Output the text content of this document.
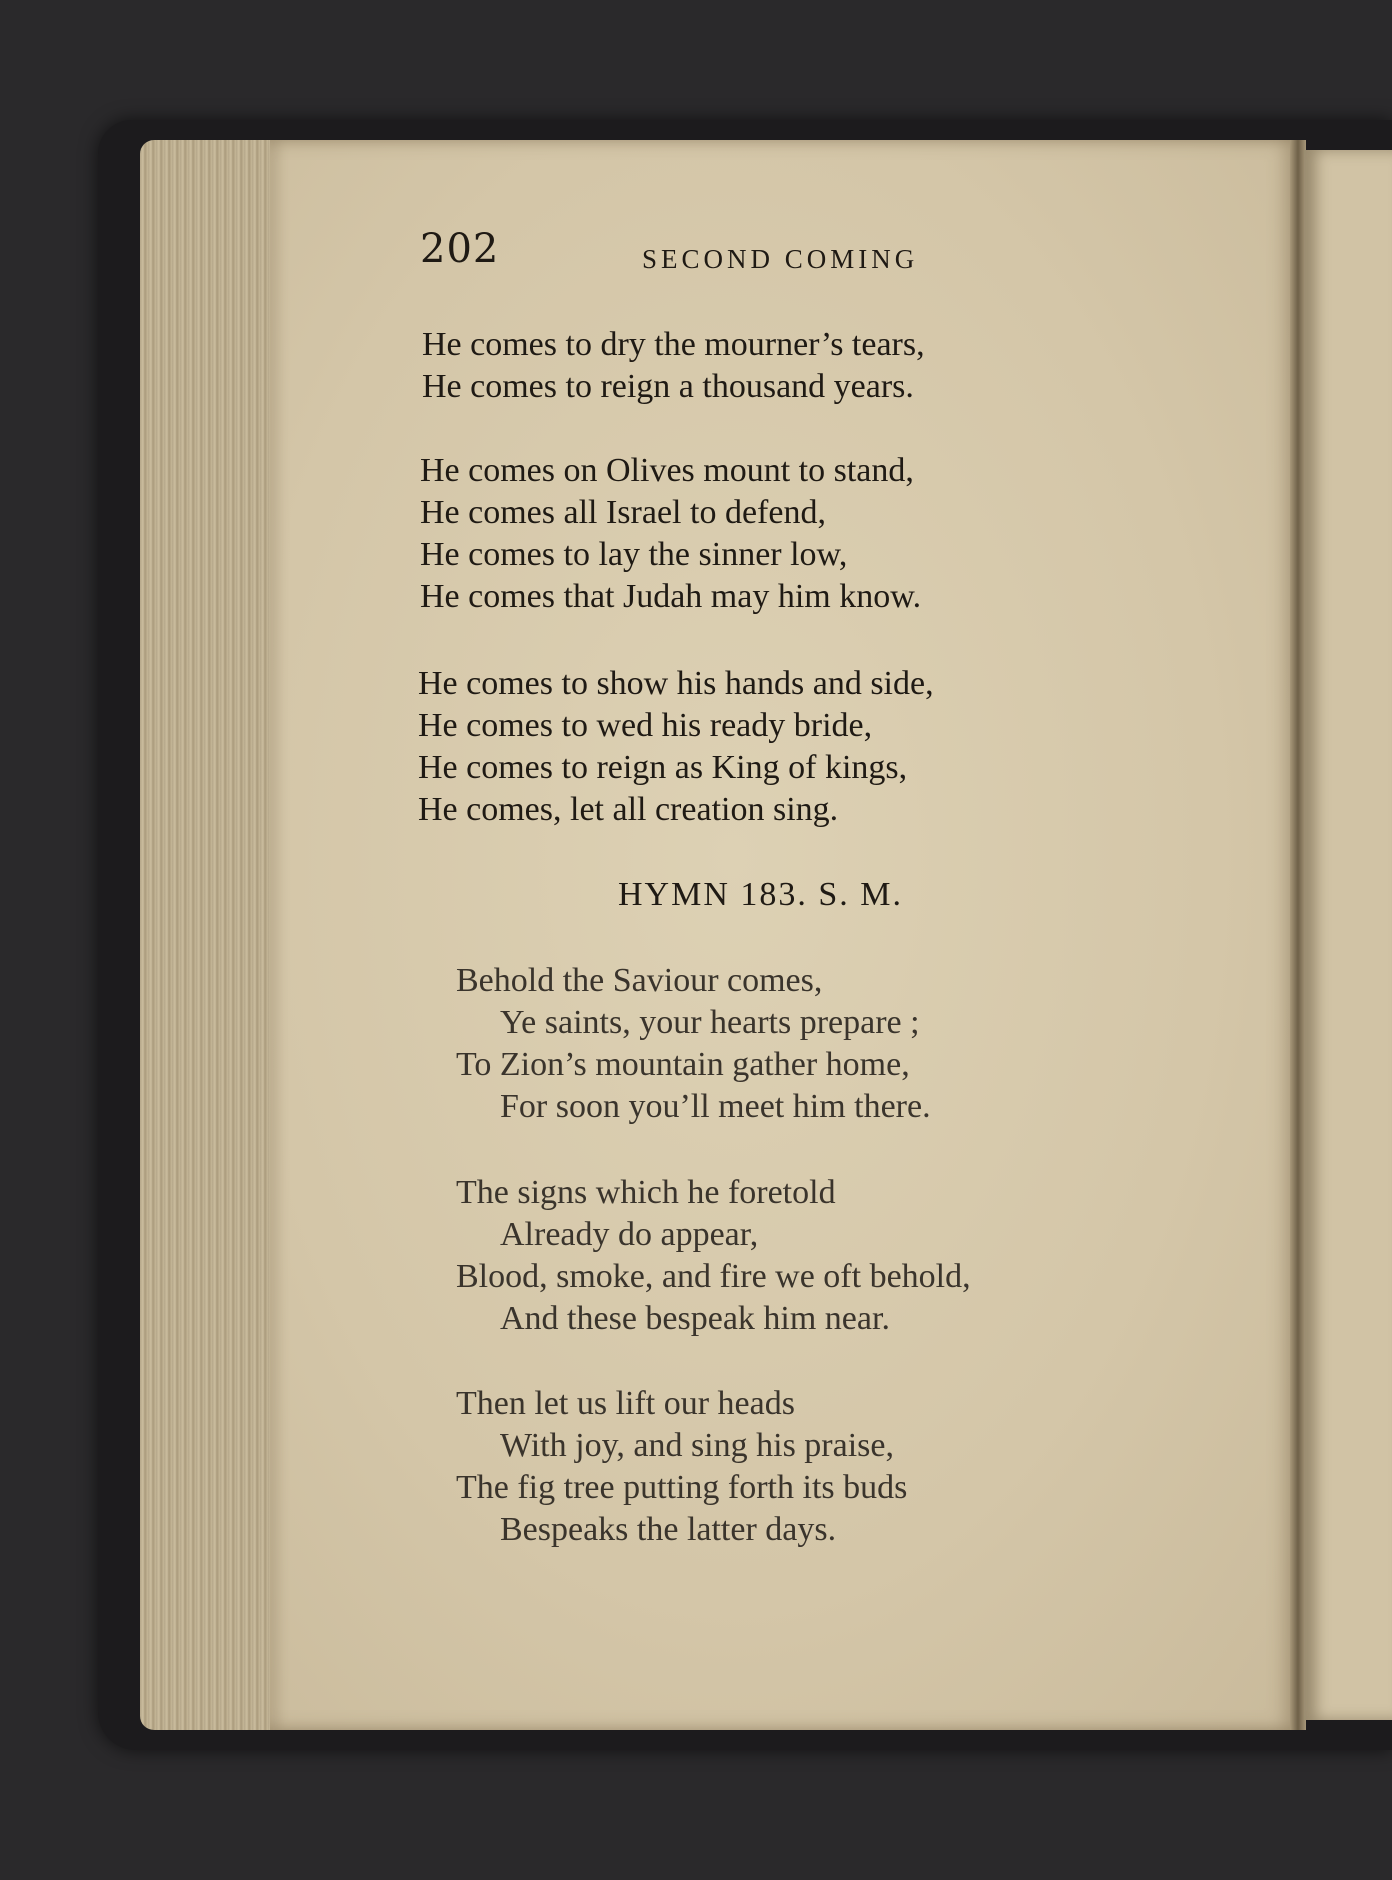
202	SECOND COMING

He comes to dry the mourner’s tears,
He comes to reign a thousand years.

He comes on Olives mount to stand,
He comes all Israel to defend,
He comes to lay the sinner low,
He comes that Judah may him know.

He comes to show his hands and side,
He comes to wed his ready bride,
He comes to reign as King of kings,
He comes, let all creation sing.

HYMN 183. S. M.

Behold the Saviour comes,
Ye saints, your hearts prepare ;
To Zion’s mountain gather home,
For soon you’ll meet him there.

The signs which he foretold
Already do appear,
Blood, smoke, and fire we oft behold,
And these bespeak him near.

Then let us lift our heads
With joy, and sing his praise,
The fig tree putting forth its buds
Bespeaks the latter days.
